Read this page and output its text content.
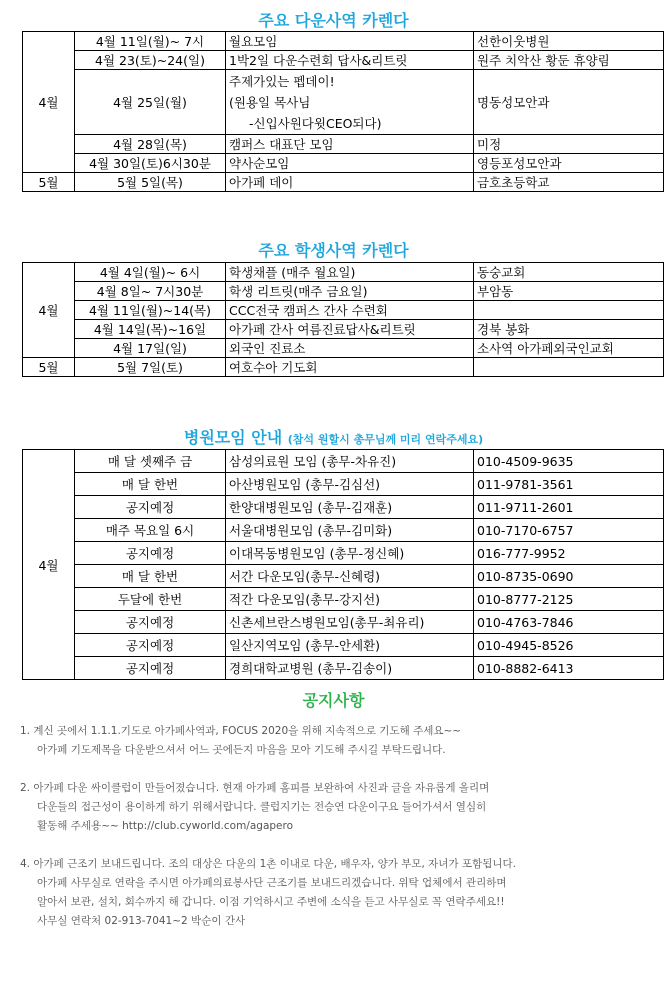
주요 다운사역 카렌다
4월	4월 11일(월)~ 7시	월요모임	선한이웃병원
	4월 23(토)~24(일)	1박2일 다운수련회 답사&리트릿	원주 치악산 황둔 휴양림
	4월 25일(월)	주제가있는 펩데이!
(원용일 목사님
-신입사원다윗CEO되다)	명동성모안과
	4월 28일(목)	캠퍼스 대표단 모임	미정
	4월 30일(토)6시30분	약사순모임	영등포성모안과
5월	5월 5일(목)	아가페 데이	금호초등학교
주요 학생사역 카렌다
4월	4월 4일(월)~ 6시	학생채플 (매주 월요일)	동숭교회
	4월 8일~ 7시30분	학생 리트릿(매주 금요일)	부암동
	4월 11일(월)~14(목)	CCC전국 캠퍼스 간사 수련회	
	4월 14일(목)~16일	아가페 간사 여름진료답사&리트릿	경북 봉화
	4월 17일(일)	외국인 진료소	소사역 아가페외국인교회
5월	5월 7일(토)	여호수아 기도회	
병원모임 안내 (참석 원할시 총무님께 미리 연락주세요)
4월	매 달 셋째주 금	삼성의료원 모임 (총무-차유진)	010-4509-9635
	매 달 한번	아산병원모임 (총무-김심선)	011-9781-3561
	공지예정	한양대병원모임 (총무-김재훈)	011-9711-2601
	매주 목요일 6시	서울대병원모임 (총무-김미화)	010-7170-6757
	공지예정	이대목동병원모임 (총무-정신혜)	016-777-9952
	매 달 한번	서간 다운모임(총무-신혜령)	010-8735-0690
	두달에 한번	적간 다운모임(총무-강지선)	010-8777-2125
	공지예정	신촌세브란스병원모임(총무-최유리)	010-4763-7846
	공지예정	일산지역모임 (총무-안세환)	010-4945-8526
	공지예정	경희대학교병원 (총무-김송이)	010-8882-6413
공지사항
1. 계신 곳에서 1.1.1.기도로 아가페사역과, FOCUS 2020을 위해 지속적으로 기도해 주세요~~
아가페 기도제목을 다운받으셔서 어느 곳에든지 마음을 모아 기도해 주시길 부탁드립니다.
2. 아가페 다운 싸이클럽이 만들어졌습니다. 현재 아가페 홈피를 보완하여 사진과 글을 자유롭게 올리며
다운들의 접근성이 용이하게 하기 위해서랍니다. 클럽지기는 전승연 다운이구요 들어가셔서 열심히
활동해 주세용~~ http://club.cyworld.com/agapero
4. 아가페 근조기 보내드립니다. 조의 대상은 다운의 1촌 이내로 다운, 배우자, 양가 부모, 자녀가 포함됩니다.
아가페 사무실로 연락을 주시면 아가페의료봉사단 근조기를 보내드리겠습니다. 위탁 업체에서 관리하며
알아서 보관, 설치, 회수까지 해 갑니다. 이점 기억하시고 주변에 소식을 듣고 사무실로 꼭 연락주세요!!
사무실 연락처 02-913-7041~2 박순이 간사
